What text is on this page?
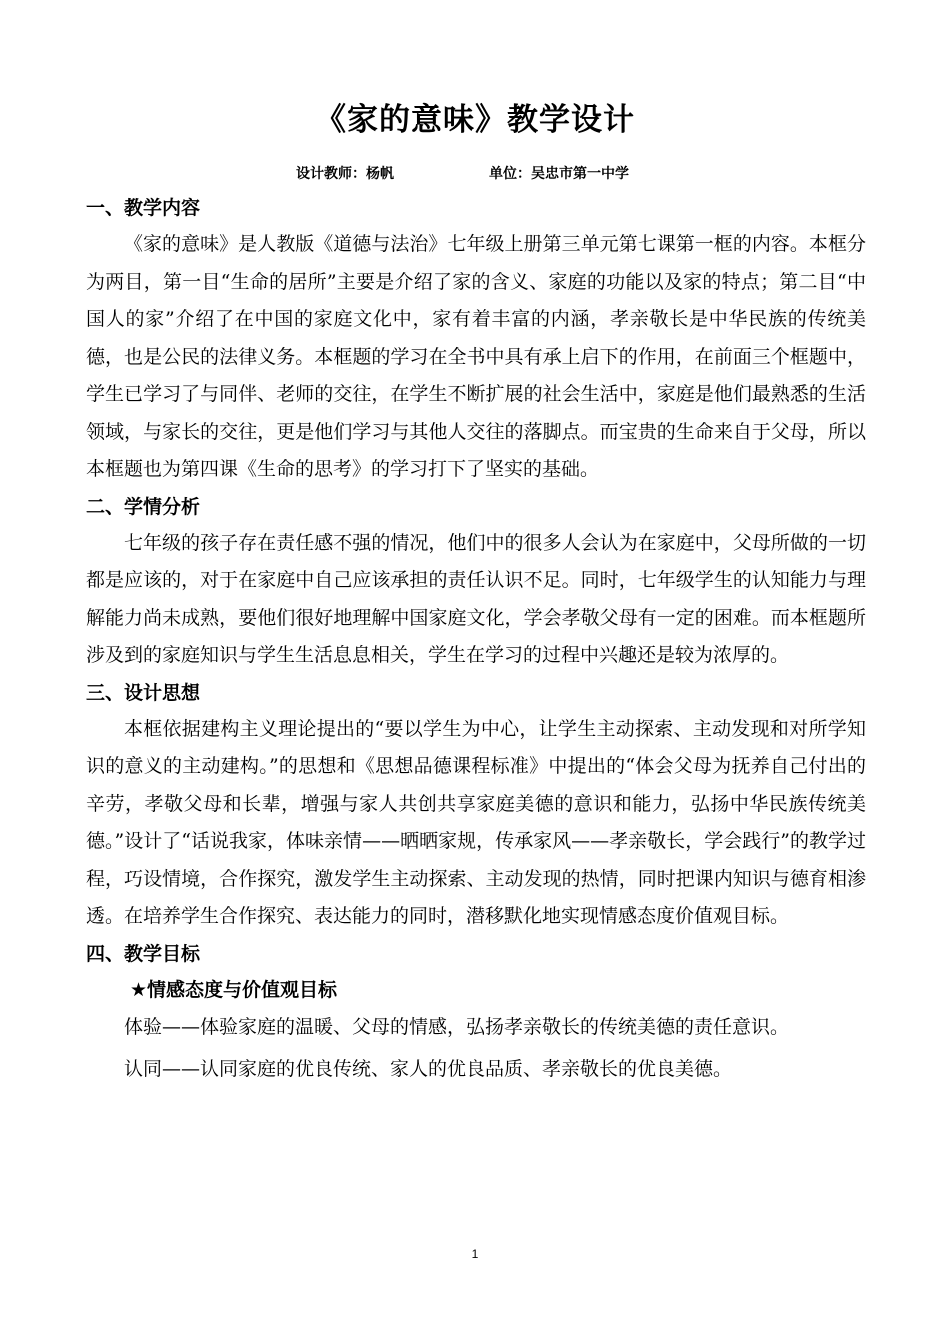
《家的意味》教学设计
设计教师：杨帆	单位：吴忠市第一中学
一、教学内容

《家的意味》是人教版《道德与法治》七年级上册第三单元第七课第一框的内容。本框分为两目，第一目“生命的居所”主要是介绍了家的含义、家庭的功能以及家的特点；第二目“中国人的家”介绍了在中国的家庭文化中，家有着丰富的内涵，孝亲敬长是中华民族的传统美德，也是公民的法律义务。本框题的学习在全书中具有承上启下的作用，在前面三个框题中，学生已学习了与同伴、老师的交往，在学生不断扩展的社会生活中，家庭是他们最熟悉的生活领域，与家长的交往，更是他们学习与其他人交往的落脚点。而宝贵的生命来自于父母，所以本框题也为第四课《生命的思考》的学习打下了坚实的基础。

二、学情分析

七年级的孩子存在责任感不强的情况，他们中的很多人会认为在家庭中，父母所做的一切都是应该的，对于在家庭中自己应该承担的责任认识不足。同时，七年级学生的认知能力与理解能力尚未成熟，要他们很好地理解中国家庭文化，学会孝敬父母有一定的困难。而本框题所涉及到的家庭知识与学生生活息息相关，学生在学习的过程中兴趣还是较为浓厚的。

三、设计思想

本框依据建构主义理论提出的“要以学生为中心，让学生主动探索、主动发现和对所学知识的意义的主动建构。”的思想和《思想品德课程标准》中提出的“体会父母为抚养自己付出的辛劳，孝敬父母和长辈，增强与家人共创共享家庭美德的意识和能力，弘扬中华民族传统美德。”设计了“话说我家，体味亲情——晒晒家规，传承家风——孝亲敬长，学会践行”的教学过程，巧设情境，合作探究，激发学生主动探索、主动发现的热情，同时把课内知识与德育相渗透。在培养学生合作探究、表达能力的同时，潜移默化地实现情感态度价值观目标。

四、教学目标
★情感态度与价值观目标

体验——体验家庭的温暖、父母的情感，弘扬孝亲敬长的传统美德的责任意识。

认同——认同家庭的优良传统、家人的优良品质、孝亲敬长的优良美德。

1
